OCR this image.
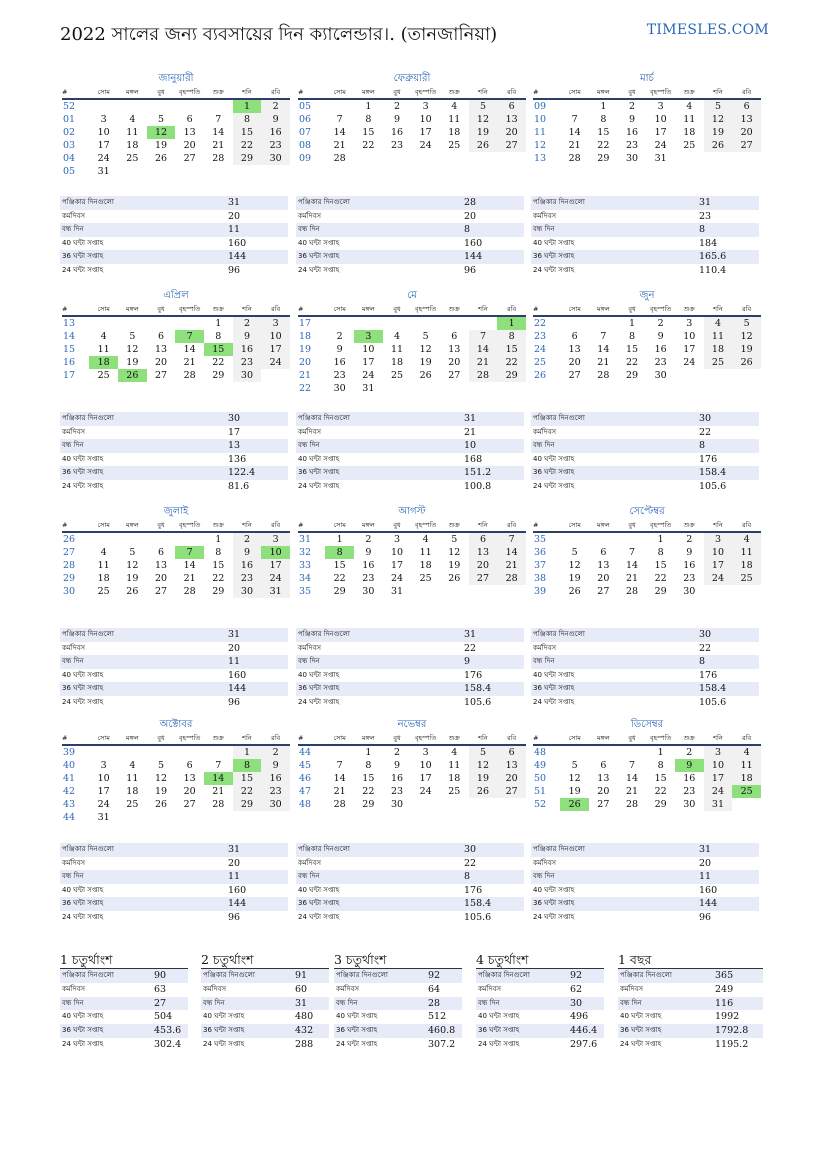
2022 সালের জন্য ব্যবসায়ের দিন ক্যালেন্ডার।. (তানজানিয়া)	TIMESLES.COM
জানুয়ারী
#	সোম	মঙ্গল	বুধ	বৃহস্পতি	শুক্র	শনি	রবি
52						1	2
01	3	4	5	6	7	8	9
02	10	11	12	13	14	15	16
03	17	18	19	20	21	22	23
04	24	25	26	27	28	29	30
05	31						
পঞ্জিকার দিনগুলো	31
কর্মদিবস	20
বন্ধ দিন	11
40 ঘন্টা সপ্তাহ	160
36 ঘন্টা সপ্তাহ	144
24 ঘন্টা সপ্তাহ	96
ফেব্রুয়ারী
#	সোম	মঙ্গল	বুধ	বৃহস্পতি	শুক্র	শনি	রবি
05		1	2	3	4	5	6
06	7	8	9	10	11	12	13
07	14	15	16	17	18	19	20
08	21	22	23	24	25	26	27
09	28						
পঞ্জিকার দিনগুলো	28
কর্মদিবস	20
বন্ধ দিন	8
40 ঘন্টা সপ্তাহ	160
36 ঘন্টা সপ্তাহ	144
24 ঘন্টা সপ্তাহ	96
মার্চ
#	সোম	মঙ্গল	বুধ	বৃহস্পতি	শুক্র	শনি	রবি
09		1	2	3	4	5	6
10	7	8	9	10	11	12	13
11	14	15	16	17	18	19	20
12	21	22	23	24	25	26	27
13	28	29	30	31			
পঞ্জিকার দিনগুলো	31
কর্মদিবস	23
বন্ধ দিন	8
40 ঘন্টা সপ্তাহ	184
36 ঘন্টা সপ্তাহ	165.6
24 ঘন্টা সপ্তাহ	110.4
এপ্রিল
#	সোম	মঙ্গল	বুধ	বৃহস্পতি	শুক্র	শনি	রবি
13					1	2	3
14	4	5	6	7	8	9	10
15	11	12	13	14	15	16	17
16	18	19	20	21	22	23	24
17	25	26	27	28	29	30	
পঞ্জিকার দিনগুলো	30
কর্মদিবস	17
বন্ধ দিন	13
40 ঘন্টা সপ্তাহ	136
36 ঘন্টা সপ্তাহ	122.4
24 ঘন্টা সপ্তাহ	81.6
মে
#	সোম	মঙ্গল	বুধ	বৃহস্পতি	শুক্র	শনি	রবি
17							1
18	2	3	4	5	6	7	8
19	9	10	11	12	13	14	15
20	16	17	18	19	20	21	22
21	23	24	25	26	27	28	29
22	30	31					
পঞ্জিকার দিনগুলো	31
কর্মদিবস	21
বন্ধ দিন	10
40 ঘন্টা সপ্তাহ	168
36 ঘন্টা সপ্তাহ	151.2
24 ঘন্টা সপ্তাহ	100.8
জুন
#	সোম	মঙ্গল	বুধ	বৃহস্পতি	শুক্র	শনি	রবি
22			1	2	3	4	5
23	6	7	8	9	10	11	12
24	13	14	15	16	17	18	19
25	20	21	22	23	24	25	26
26	27	28	29	30			
পঞ্জিকার দিনগুলো	30
কর্মদিবস	22
বন্ধ দিন	8
40 ঘন্টা সপ্তাহ	176
36 ঘন্টা সপ্তাহ	158.4
24 ঘন্টা সপ্তাহ	105.6
জুলাই
#	সোম	মঙ্গল	বুধ	বৃহস্পতি	শুক্র	শনি	রবি
26					1	2	3
27	4	5	6	7	8	9	10
28	11	12	13	14	15	16	17
29	18	19	20	21	22	23	24
30	25	26	27	28	29	30	31
পঞ্জিকার দিনগুলো	31
কর্মদিবস	20
বন্ধ দিন	11
40 ঘন্টা সপ্তাহ	160
36 ঘন্টা সপ্তাহ	144
24 ঘন্টা সপ্তাহ	96
আগস্ট
#	সোম	মঙ্গল	বুধ	বৃহস্পতি	শুক্র	শনি	রবি
31	1	2	3	4	5	6	7
32	8	9	10	11	12	13	14
33	15	16	17	18	19	20	21
34	22	23	24	25	26	27	28
35	29	30	31				
পঞ্জিকার দিনগুলো	31
কর্মদিবস	22
বন্ধ দিন	9
40 ঘন্টা সপ্তাহ	176
36 ঘন্টা সপ্তাহ	158.4
24 ঘন্টা সপ্তাহ	105.6
সেপ্টেম্বর
#	সোম	মঙ্গল	বুধ	বৃহস্পতি	শুক্র	শনি	রবি
35				1	2	3	4
36	5	6	7	8	9	10	11
37	12	13	14	15	16	17	18
38	19	20	21	22	23	24	25
39	26	27	28	29	30		
পঞ্জিকার দিনগুলো	30
কর্মদিবস	22
বন্ধ দিন	8
40 ঘন্টা সপ্তাহ	176
36 ঘন্টা সপ্তাহ	158.4
24 ঘন্টা সপ্তাহ	105.6
অক্টোবর
#	সোম	মঙ্গল	বুধ	বৃহস্পতি	শুক্র	শনি	রবি
39						1	2
40	3	4	5	6	7	8	9
41	10	11	12	13	14	15	16
42	17	18	19	20	21	22	23
43	24	25	26	27	28	29	30
44	31						
পঞ্জিকার দিনগুলো	31
কর্মদিবস	20
বন্ধ দিন	11
40 ঘন্টা সপ্তাহ	160
36 ঘন্টা সপ্তাহ	144
24 ঘন্টা সপ্তাহ	96
নভেম্বর
#	সোম	মঙ্গল	বুধ	বৃহস্পতি	শুক্র	শনি	রবি
44		1	2	3	4	5	6
45	7	8	9	10	11	12	13
46	14	15	16	17	18	19	20
47	21	22	23	24	25	26	27
48	28	29	30				
পঞ্জিকার দিনগুলো	30
কর্মদিবস	22
বন্ধ দিন	8
40 ঘন্টা সপ্তাহ	176
36 ঘন্টা সপ্তাহ	158.4
24 ঘন্টা সপ্তাহ	105.6
ডিসেম্বর
#	সোম	মঙ্গল	বুধ	বৃহস্পতি	শুক্র	শনি	রবি
48				1	2	3	4
49	5	6	7	8	9	10	11
50	12	13	14	15	16	17	18
51	19	20	21	22	23	24	25
52	26	27	28	29	30	31	
পঞ্জিকার দিনগুলো	31
কর্মদিবস	20
বন্ধ দিন	11
40 ঘন্টা সপ্তাহ	160
36 ঘন্টা সপ্তাহ	144
24 ঘন্টা সপ্তাহ	96
1 চতুর্থাংশ
পঞ্জিকার দিনগুলো	90
কর্মদিবস	63
বন্ধ দিন	27
40 ঘন্টা সপ্তাহ	504
36 ঘন্টা সপ্তাহ	453.6
24 ঘন্টা সপ্তাহ	302.4
2 চতুর্থাংশ
পঞ্জিকার দিনগুলো	91
কর্মদিবস	60
বন্ধ দিন	31
40 ঘন্টা সপ্তাহ	480
36 ঘন্টা সপ্তাহ	432
24 ঘন্টা সপ্তাহ	288
3 চতুর্থাংশ
পঞ্জিকার দিনগুলো	92
কর্মদিবস	64
বন্ধ দিন	28
40 ঘন্টা সপ্তাহ	512
36 ঘন্টা সপ্তাহ	460.8
24 ঘন্টা সপ্তাহ	307.2
4 চতুর্থাংশ
পঞ্জিকার দিনগুলো	92
কর্মদিবস	62
বন্ধ দিন	30
40 ঘন্টা সপ্তাহ	496
36 ঘন্টা সপ্তাহ	446.4
24 ঘন্টা সপ্তাহ	297.6
1 বছর
পঞ্জিকার দিনগুলো	365
কর্মদিবস	249
বন্ধ দিন	116
40 ঘন্টা সপ্তাহ	1992
36 ঘন্টা সপ্তাহ	1792.8
24 ঘন্টা সপ্তাহ	1195.2
